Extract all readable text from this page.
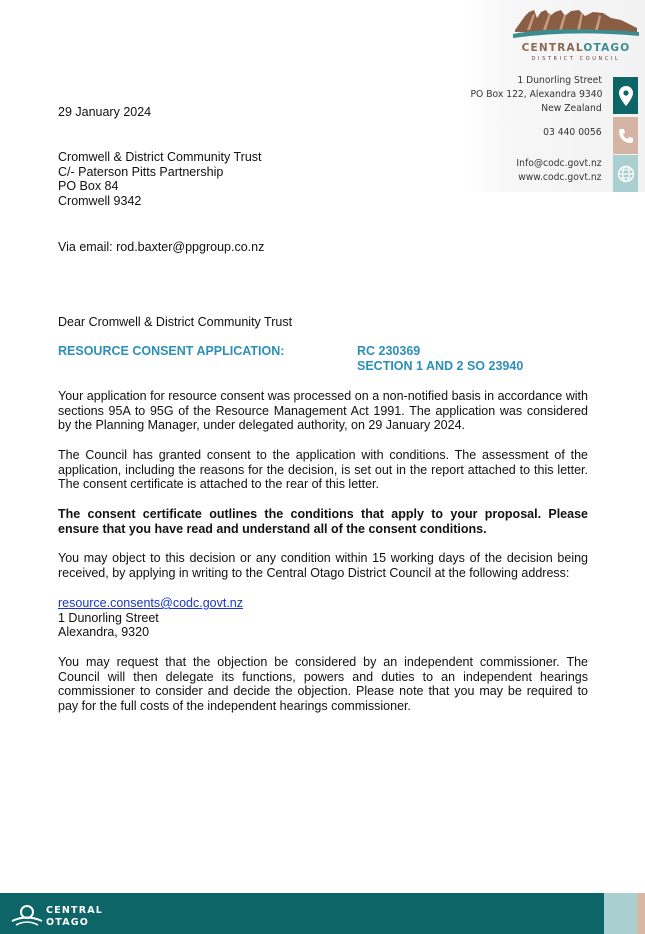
CENTRALOTAGO
DISTRICT COUNCIL
1 Dunorling Street
PO Box 122, Alexandra 9340
New Zealand
03 440 0056
Info@codc.govt.nz
www.codc.govt.nz
29 January 2024
Cromwell & District Community Trust
C/- Paterson Pitts Partnership
PO Box 84
Cromwell 9342
Via email: rod.baxter@ppgroup.co.nz
Dear Cromwell & District Community Trust
RESOURCE CONSENT APPLICATION:	RC 230369
SECTION 1 AND 2 SO 23940
Your application for resource consent was processed on a non-notified basis in accordance with sections 95A to 95G of the Resource Management Act 1991. The application was considered by the Planning Manager, under delegated authority, on 29 January 2024.
The Council has granted consent to the application with conditions. The assessment of the application, including the reasons for the decision, is set out in the report attached to this letter. The consent certificate is attached to the rear of this letter.
The consent certificate outlines the conditions that apply to your proposal. Please ensure that you have read and understand all of the consent conditions.
You may object to this decision or any condition within 15 working days of the decision being received, by applying in writing to the Central Otago District Council at the following address:
resource.consents@codc.govt.nz
1 Dunorling Street
Alexandra, 9320
You may request that the objection be considered by an independent commissioner. The Council will then delegate its functions, powers and duties to an independent hearings commissioner to consider and decide the objection. Please note that you may be required to pay for the full costs of the independent hearings commissioner.
CENTRAL
OTAGO
